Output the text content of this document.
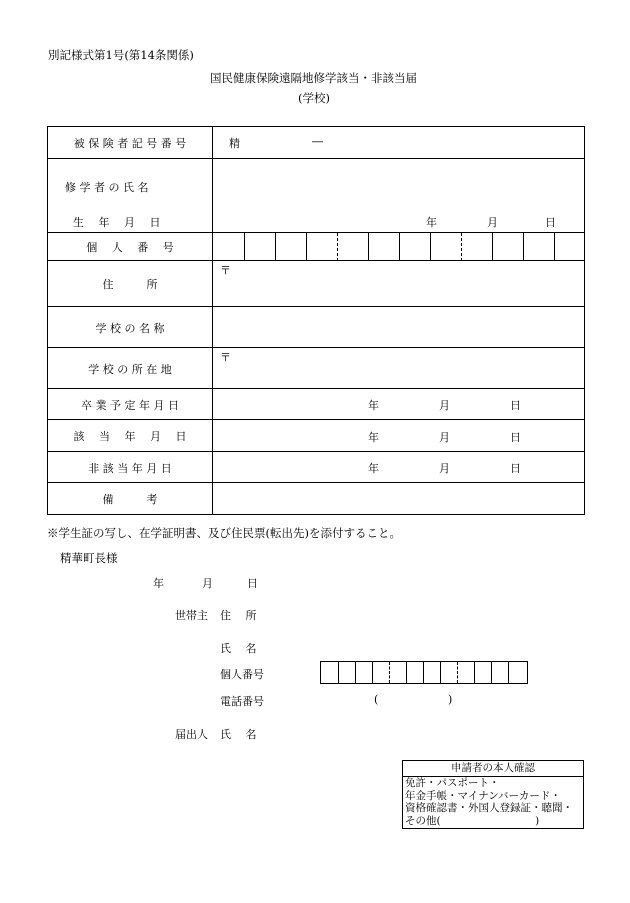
別記様式第1号(第14条関係)
国民健康保険遠隔地修学該当・非該当届
(学校)
被 保 険 者 記 号 番 号	精	―
修 学 者 の 氏 名
生　 年　 月　 日	年	月	日
個　 人　 番　 号
住　　　所
〒
学 校 の 名 称
学 校 の 所 在 地
〒
卒 業 予 定 年 月 日	年	月	日
該　 当　 年　 月　 日	年	月	日
非 該 当 年 月 日	年	月	日
備　　　考
※学生証の写し、在学証明書、及び住民票(転出先)を添付すること。
精華町長様
年	月	日
世帯主 住　 所
氏　 名
個人番号
電話番号	(	)
届出人 氏　 名
申請者の本人確認
免許・パスポート・
年金手帳・マイナンバーカード・
資格確認書・外国人登録証・聴聞・
その他(　　　　　　　　　)
